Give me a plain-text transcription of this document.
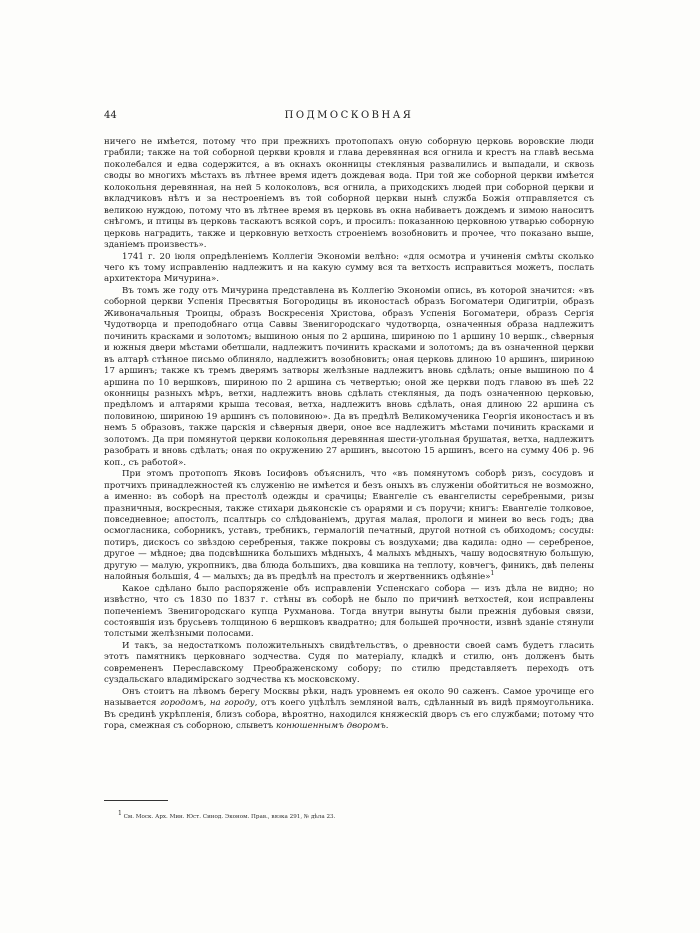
44	ПОДМОСКОВНАЯ

ничего не имѣется, потому что при прежнихъ протопопахъ оную соборную церковь воровские люди грабили; также на той соборной церкви кровля и глава деревянная вся огнила и крестъ на главѣ весьма поколебался и едва содержится, а въ окнахъ оконницы стекляныя развалились и выпадали, и сквозь своды во многихъ мѣстахъ въ лѣтнее время идетъ дождевая вода. При той же соборной церкви имѣется колокольня деревянная, на ней 5 колоколовъ, вся огнила, а приходскихъ людей при соборной церкви и вкладчиковъ нѣтъ и за нестроеніемъ въ той соборной церкви нынѣ служба Божія отправляется съ великою нуждою, потому что въ лѣтнее время въ церковь въ окна набиваетъ дождемъ и зимою наноситъ снѣгомъ, и птицы въ церковь таскаютъ всякой соръ, и просилъ: показанною церковною утварью соборную церковь наградить, также и церковную ветхость строеніемъ возобновить и прочее, что показано выше, зданіемъ произвесть».

1741 г. 20 іюля опредѣленіемъ Коллегіи Экономіи велѣно: «для осмотра и учиненія смѣты сколько чего къ тому исправленію надлежитъ и на какую сумму вся та ветхость исправиться можетъ, послать архитектора Мичурина».

Въ томъ же году отъ Мичурина представлена въ Коллегію Экономіи опись, въ которой значится: «въ соборной церкви Успенія Пресвятыя Богородицы въ иконостасѣ образъ Богоматери Одигитріи, образъ Живоначальныя Троицы, образъ Воскресенія Христова, образъ Успенія Богоматери, образъ Сергія Чудотворца и преподобнаго отца Саввы Звенигородскаго чудотворца, означенныя образа надлежитъ починить красками и золотомъ; вышиною оныя по 2 аршина, шириною по 1 аршину 10 вершк., сѣверныя и южныя двери мѣстами обетшали, надлежитъ починить красками и золотомъ; да въ означенной церкви въ алтарѣ стѣнное письмо облиняло, надлежитъ возобновить; оная церковь длиною 10 аршинъ, шириною 17 аршинъ; также къ тремъ дверямъ затворы желѣзные надлежитъ вновь сдѣлать; оные вышиною по 4 аршина по 10 вершковъ, шириною по 2 аршина съ четвертью; оной же церкви подъ главою въ шеѣ 22 оконницы разныхъ мѣръ, ветхи, надлежитъ вновь сдѣлать стекляныя, да подъ означенною церковью, предѣломъ и алтарями крыша тесовая, ветха, надлежитъ вновь сдѣлать, оная длиною 22 аршина съ половиною, шириною 19 аршинъ съ половиною». Да въ предѣлѣ Великомученика Георгія иконостасъ и въ немъ 5 образовъ, также царскія и сѣверныя двери, оное все надлежитъ мѣстами починить красками и золотомъ. Да при помянутой церкви колокольня деревянная шести-угольная брушатая, ветха, надлежитъ разобрать и вновь сдѣлать; оная по окружению 27 аршинъ, высотою 15 аршинъ, всего на сумму 406 р. 96 коп., съ работой».

При этомъ протопопъ Яковъ Іосифовъ объяснилъ, что «въ помянутомъ соборѣ ризъ, сосудовъ и протчихъ принадлежностей къ служенію не имѣется и безъ оныхъ въ служеніи обойтиться не возможно, а именно: въ соборѣ на престолѣ одежды и срачицы; Евангеліе съ евангелисты серебреными, ризы празничныя, воскресныя, также стихари дьяконскіе съ орарями и съ поручи; книгъ: Евангеліе толковое, повседневное; апостолъ, псалтырь со слѣдованіемъ, другая малая, прологи и минеи во весь годъ; два осмогласника, соборникъ, уставъ, требникъ, гермалогій печатный, другой нотной съ обиходомъ; сосуды: потиръ, дискосъ со звѣздою серебреныя, также покровы съ воздухами; два кадила: одно — серебреное, другое — мѣдное; два подсвѣшника большихъ мѣдныхъ, 4 малыхъ мѣдныхъ, чашу водосвятную большую, другую — малую, укропникъ, два блюда большихъ, два ковшика на теплоту, ковчегъ, финикъ, двѣ пелены налойныя большія, 4 — малыхъ; да въ предѣлѣ на престолъ и жертвенникъ одѣяніе»$^1$

Какое сдѣлано было распоряженіе объ исправленіи Успенскаго собора — изъ дѣла не видно; но извѣстно, что съ 1830 по 1837 г. стѣны въ соборѣ не было по причинѣ ветхостей, кои исправлены попеченіемъ Звенигородскаго купца Рухманова. Тогда внутри вынуты были прежнія дубовыя связи, состоявшія изъ брусьевъ толщиною 6 вершковъ квадратно; для большей прочности, извнѣ зданіе стянули толстыми желѣзными полосами.

И такъ, за недостаткомъ положительныхъ свидѣтельствъ, о древности своей самъ будетъ гласить этотъ памятникъ церковнаго зодчества. Судя по матеріалу, кладкѣ и стилю, онъ долженъ быть современенъ Переславскому Преображенскому собору; по стилю представляетъ переходъ отъ суздальскаго владимірскаго зодчества къ московскому.

Онъ стоитъ на лѣвомъ берегу Москвы рѣки, надъ уровнемъ ея около 90 саженъ. Самое урочище его называется городомъ, на городу, отъ коего уцѣлѣлъ земляной валъ, сдѣланный въ видѣ прямоугольника. Въ срединѣ укрѣпленія, близъ собора, вѣроятно, находился княжескій дворъ съ его службами; потому что гора, смежная съ соборною, слыветъ конюшеннымъ дворомъ.

$^1$ См. Моск. Арх. Мин. Юст. Синод. Эконом. Прав., вязка 291, № дѣла 23.
